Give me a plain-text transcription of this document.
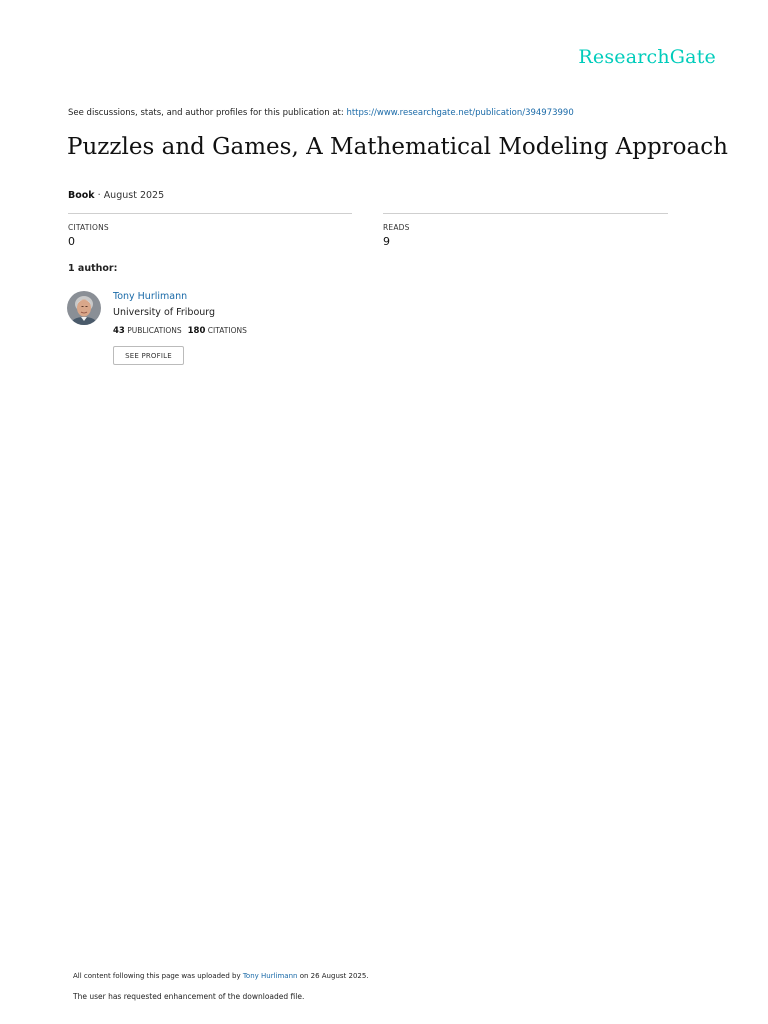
ResearchGate
See discussions, stats, and author profiles for this publication at: https://www.researchgate.net/publication/394973990
Puzzles and Games, A Mathematical Modeling Approach
Book · August 2025
CITATIONS
0
READS
9
1 author:
Tony Hurlimann
University of Fribourg
43 PUBLICATIONS 180 CITATIONS
SEE PROFILE
All content following this page was uploaded by Tony Hurlimann on 26 August 2025.
The user has requested enhancement of the downloaded file.
